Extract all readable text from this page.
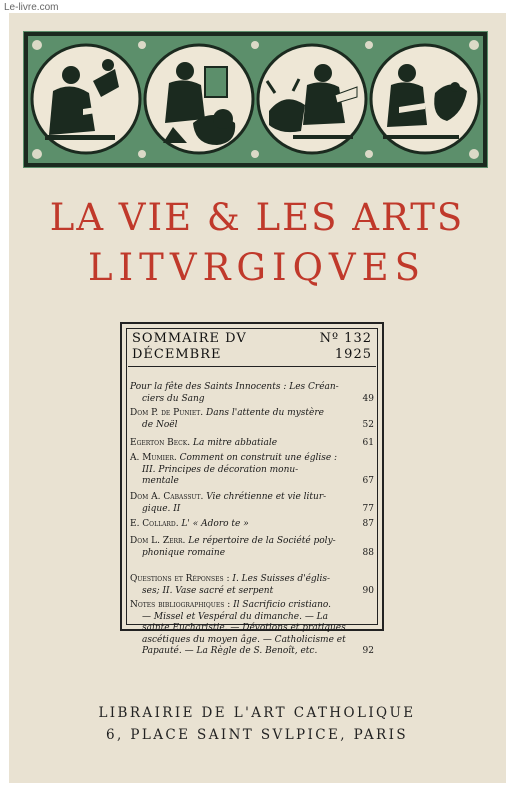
Le-livre.com
LA VIE & LES ARTS
LITVRGIQVES
SOMMAIRE DV	Nº 132
DÉCEMBRE	1925
Pour la fête des Saints Innocents : Les Créan-
ciers du Sang	49
Dom P. de Puniet. Dans l'attente du mystère
de Noël	52
Egerton Beck. La mitre abbatiale	61
A. Mumier. Comment on construit une église :
III. Principes de décoration monu-
mentale	67
Dom A. Cabassut. Vie chrétienne et vie litur-
gique. II	77
E. Collard. L' « Adoro te »	87
Dom L. Zerr. Le répertoire de la Société poly-
phonique romaine	88
Questions et Réponses : I. Les Suisses d'églis-
ses; II. Vase sacré et serpent	90
Notes bibliographiques : Il Sacrificio cristiano.
— Missel et Vespéral du dimanche. — La
sainte Eucharistie. — Dévotions et pratiques
ascétiques du moyen âge. — Catholicisme et
Papauté. — La Règle de S. Benoît, etc.	92
LIBRAIRIE DE L'ART CATHOLIQUE
6, PLACE SAINT SVLPICE, PARIS
